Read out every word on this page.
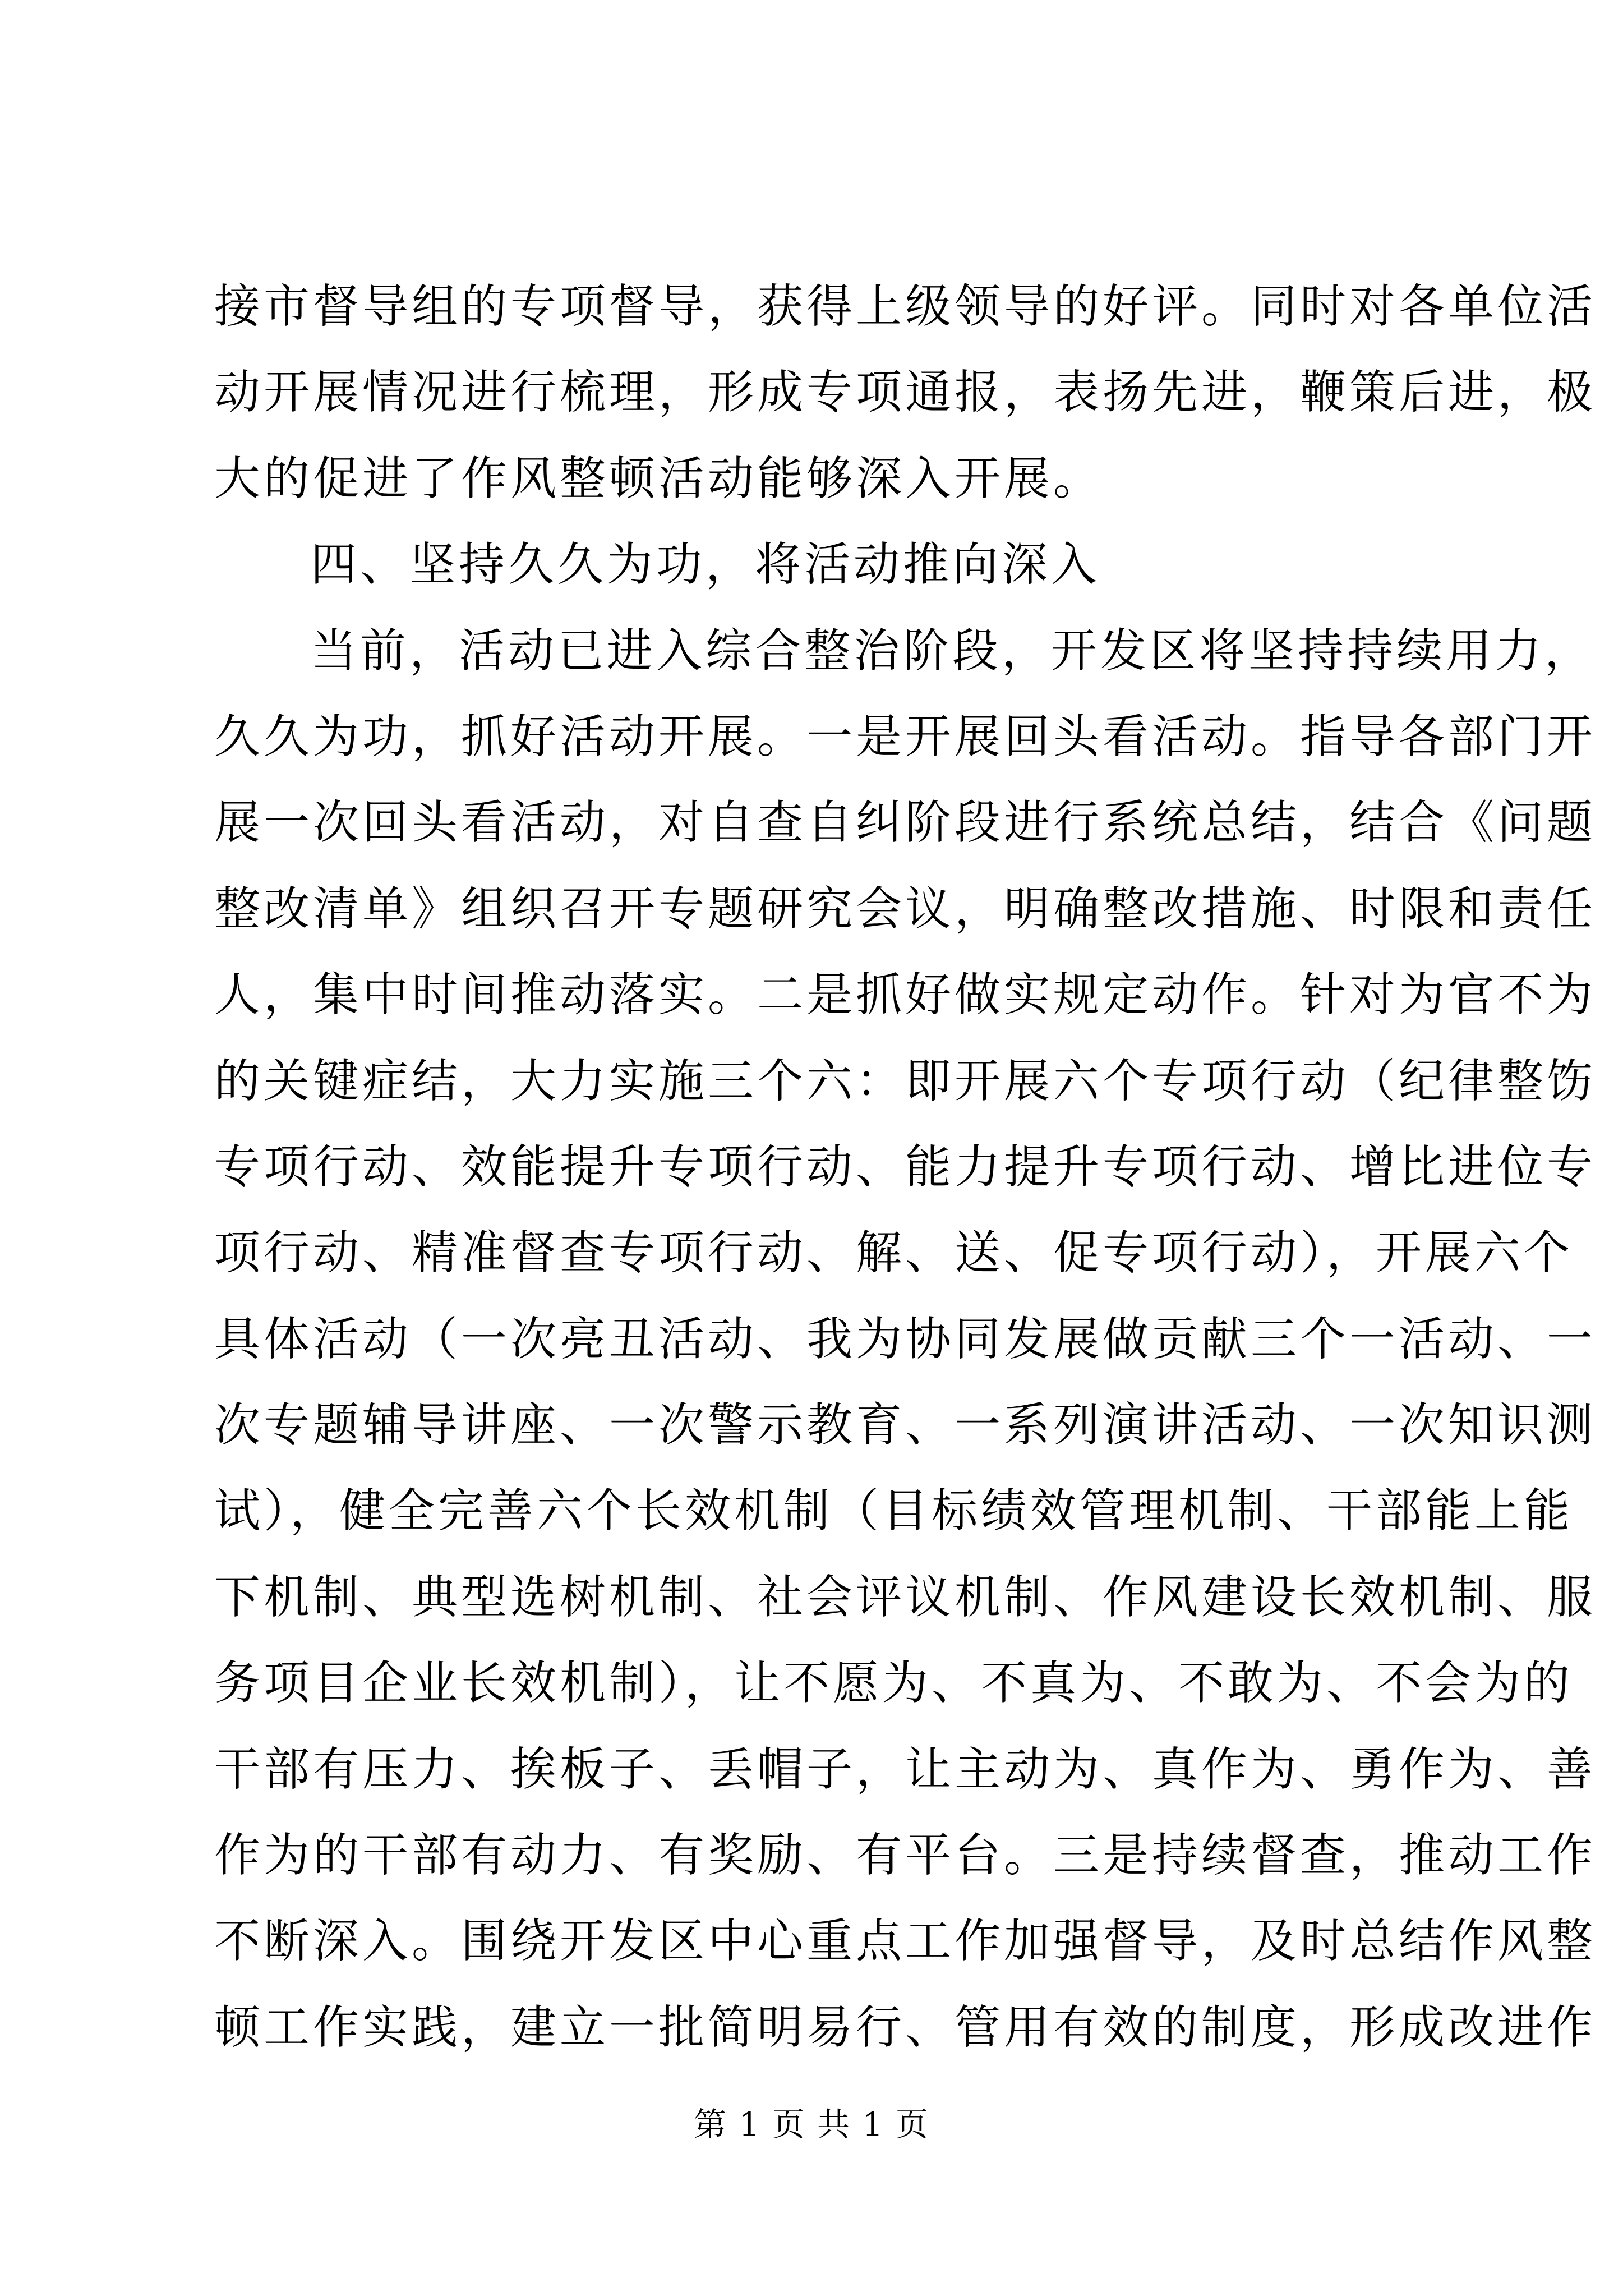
接市督导组的专项督导，获得上级领导的好评。同时对各单位活
动开展情况进行梳理，形成专项通报，表扬先进，鞭策后进，极
大的促进了作风整顿活动能够深入开展。
四、坚持久久为功，将活动推向深入
当前，活动已进入综合整治阶段，开发区将坚持持续用力，
久久为功，抓好活动开展。一是开展回头看活动。指导各部门开
展一次回头看活动，对自查自纠阶段进行系统总结，结合《问题
整改清单》组织召开专题研究会议，明确整改措施、时限和责任
人，集中时间推动落实。二是抓好做实规定动作。针对为官不为
的关键症结，大力实施三个六：即开展六个专项行动（纪律整饬
专项行动、效能提升专项行动、能力提升专项行动、增比进位专
项行动、精准督查专项行动、解、送、促专项行动），开展六个
具体活动（一次亮丑活动、我为协同发展做贡献三个一活动、一
次专题辅导讲座、一次警示教育、一系列演讲活动、一次知识测
试），健全完善六个长效机制（目标绩效管理机制、干部能上能
下机制、典型选树机制、社会评议机制、作风建设长效机制、服
务项目企业长效机制），让不愿为、不真为、不敢为、不会为的
干部有压力、挨板子、丢帽子，让主动为、真作为、勇作为、善
作为的干部有动力、有奖励、有平台。三是持续督查，推动工作
不断深入。围绕开发区中心重点工作加强督导，及时总结作风整
顿工作实践，建立一批简明易行、管用有效的制度，形成改进作
第 1 页 共 1 页
